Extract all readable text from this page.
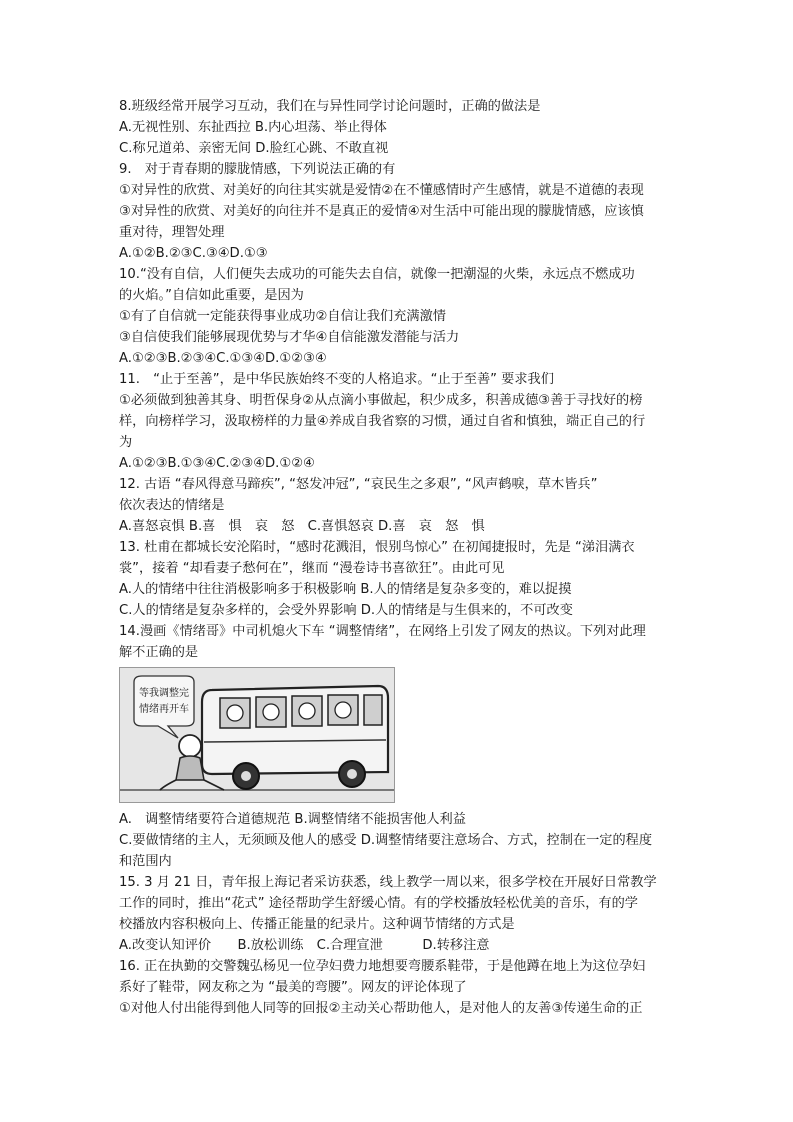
8.班级经常开展学习互动，我们在与异性同学讨论问题时，正确的做法是
A.无视性别、东扯西拉 B.内心坦荡、举止得体
C.称兄道弟、亲密无间 D.脸红心跳、不敢直视
9.　对于青春期的朦胧情感，下列说法正确的有
①对异性的欣赏、对美好的向往其实就是爱情②在不懂感情时产生感情，就是不道德的表现
③对异性的欣赏、对美好的向往并不是真正的爱情④对生活中可能出现的朦胧情感，应该慎
重对待，理智处理
A.①②B.②③C.③④D.①③
10.“没有自信，人们便失去成功的可能失去自信，就像一把潮湿的火柴，永远点不燃成功
的火焰。”自信如此重要，是因为
①有了自信就一定能获得事业成功②自信让我们充满激情
③自信使我们能够展现优势与才华④自信能激发潜能与活力
A.①②③B.②③④C.①③④D.①②③④
11.　“止于至善”，是中华民族始终不变的人格追求。“止于至善” 要求我们
①必须做到独善其身、明哲保身②从点滴小事做起，积少成多，积善成德③善于寻找好的榜
样，向榜样学习，汲取榜样的力量④养成自我省察的习惯，通过自省和慎独，端正自己的行
为
A.①②③B.①③④C.②③④D.①②④
12. 古语 “春风得意马蹄疾”, “怒发冲冠”, “哀民生之多艰”, “风声鹤唳，草木皆兵”
依次表达的情绪是
A.喜怒哀惧 B.喜　惧　哀　怒　C.喜惧怒哀 D.喜　哀　怒　惧
13. 杜甫在都城长安沦陷时，“感时花溅泪，恨别鸟惊心” 在初闻捷报时，先是 “涕泪满衣
裳”，接着 “却看妻子愁何在”，继而 “漫卷诗书喜欲狂”。由此可见
A.人的情绪中往往消极影响多于积极影响 B.人的情绪是复杂多变的，难以捉摸
C.人的情绪是复杂多样的，会受外界影响 D.人的情绪是与生俱来的，不可改变
14.漫画《情绪哥》中司机熄火下车 “调整情绪”，在网络上引发了网友的热议。下列对此理
解不正确的是
等我调整完
情绪再开车
A.　调整情绪要符合道德规范 B.调整情绪不能损害他人利益
C.要做情绪的主人，无须顾及他人的感受 D.调整情绪要注意场合、方式，控制在一定的程度
和范围内
15. 3 月 21 日，青年报上海记者采访获悉，线上教学一周以来，很多学校在开展好日常教学
工作的同时，推出“花式” 途径帮助学生舒缓心情。有的学校播放轻松优美的音乐，有的学
校播放内容积极向上、传播正能量的纪录片。这种调节情绪的方式是
A.改变认知评价　　B.放松训练　C.合理宣泄　　　D.转移注意
16. 正在执勤的交警魏弘杨见一位孕妇费力地想要弯腰系鞋带，于是他蹲在地上为这位孕妇
系好了鞋带，网友称之为 “最美的弯腰”。网友的评论体现了
①对他人付出能得到他人同等的回报②主动关心帮助他人，是对他人的友善③传递生命的正
